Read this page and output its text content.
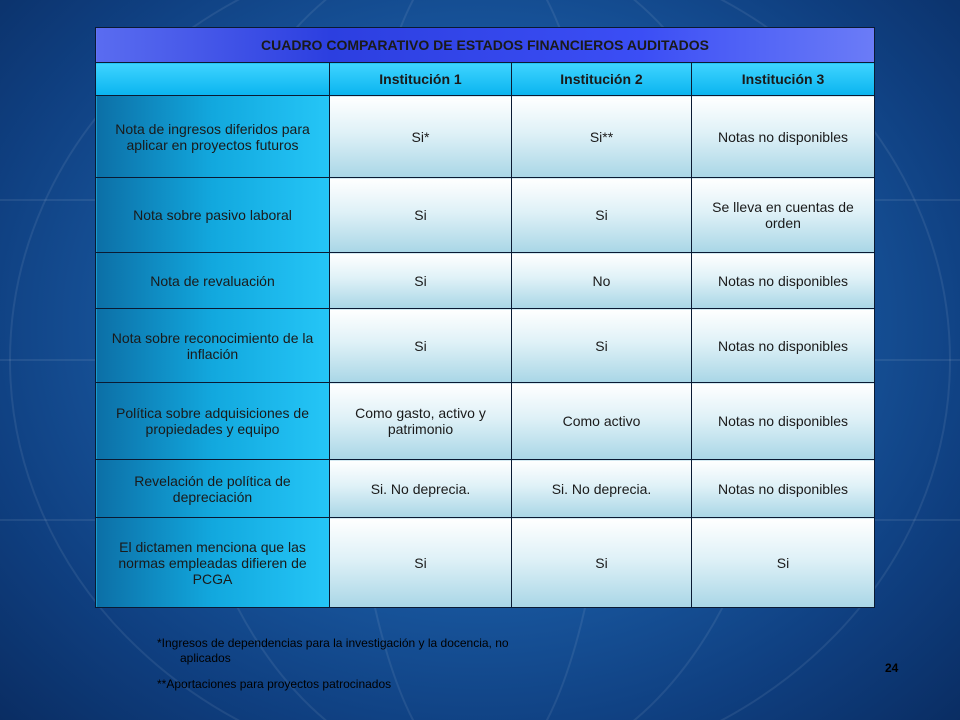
CUADRO COMPARATIVO DE ESTADOS FINANCIEROS AUDITADOS			
	Institución 1	Institución 2	Institución 3
Nota de ingresos diferidos para aplicar en proyectos futuros	Si*	Si**	Notas no disponibles
Nota sobre pasivo laboral	Si	Si	Se lleva en cuentas de orden
Nota de revaluación	Si	No	Notas no disponibles
Nota sobre reconocimiento de la inflación	Si	Si	Notas no disponibles
Política sobre adquisiciones de propiedades y equipo	Como gasto, activo y patrimonio	Como activo	Notas no disponibles
Revelación de política de depreciación	Si. No deprecia.	Si. No deprecia.	Notas no disponibles
El dictamen menciona que las normas empleadas difieren de PCGA	Si	Si	Si
*Ingresos de dependencias para la investigación y la docencia, no
aplicados
**Aportaciones para proyectos patrocinados
24
